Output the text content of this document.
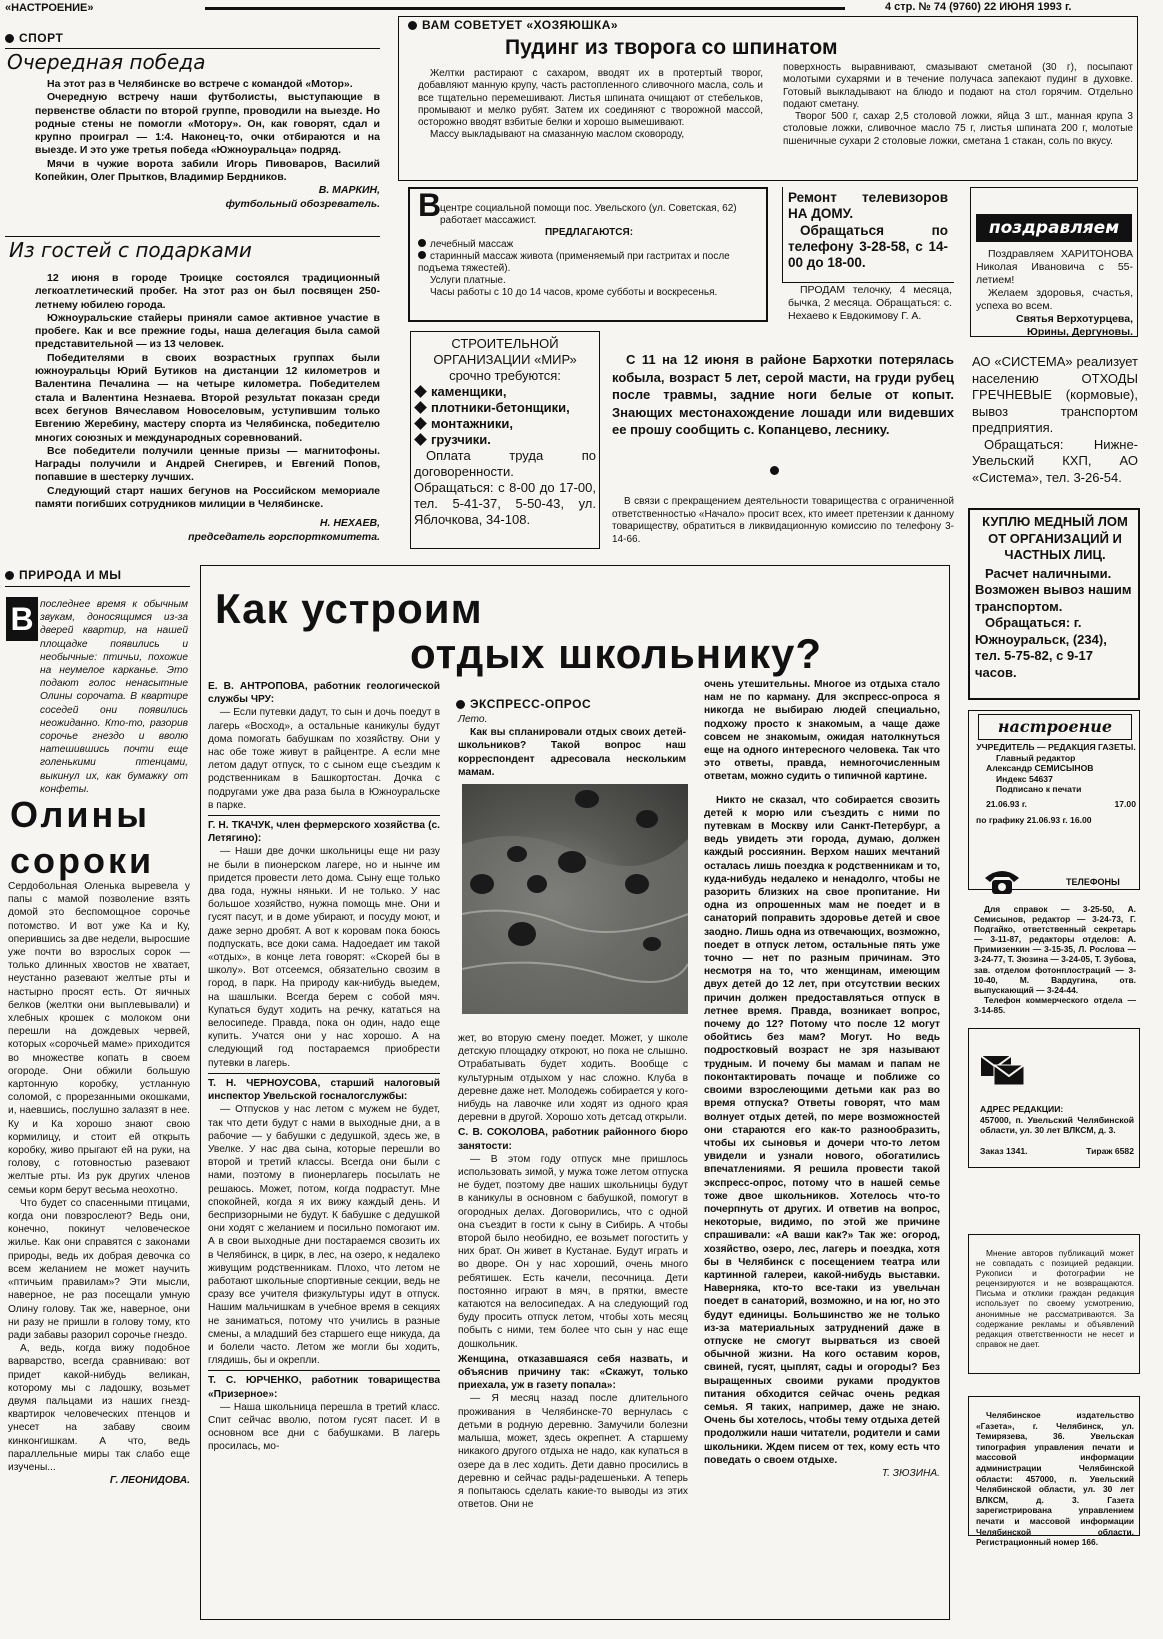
«НАСТРОЕНИЕ»	4 стр. № 74 (9760) 22 ИЮНЯ 1993 г.
СПОРТ
Очередная победа

На этот раз в Челябинске во встрече с командой «Мотор».

Очередную встречу наши футболисты, выступающие в первенстве области по второй группе, проводили на выезде. Но родные стены не помогли «Мотору». Он, как говорят, сдал и крупно проиграл — 1:4. Наконец-то, очки отбираются и на выезде. И это уже третья победа «Южноуральца» подряд.

Мячи в чужие ворота забили Игорь Пивоваров, Василий Копейкин, Олег Прытков, Владимир Бердников.

В. МАРКИН,
футбольный обозреватель.
Из гостей с подарками

12 июня в городе Троицке состоялся традиционный легкоатлетический пробег. На этот раз он был посвящен 250-летнему юбилею города.

Южноуральские стайеры приняли самое активное участие в пробеге. Как и все прежние годы, наша делегация была самой представительной — из 13 человек.

Победителями в своих возрастных группах были южноуральцы Юрий Бутиков на дистанции 12 километров и Валентина Печалина — на четыре километра. Победителем стала и Валентина Незнаева. Второй результат показан среди всех бегунов Вячеславом Новоселовым, уступившим только Евгению Жеребину, мастеру спорта из Челябинска, победителю многих союзных и международных соревнований.

Все победители получили ценные призы — магнитофоны. Награды получили и Андрей Снегирев, и Евгений Попов, попавшие в шестерку лучших.

Следующий старт наших бегунов на Российском мемориале памяти погибших сотрудников милиции в Челябинске.

Н. НЕХАЕВ,
председатель горспорткомитета.
ВАМ СОВЕТУЕТ «ХОЗЯЮШКА»
Пудинг из творога со шпинатом

Желтки растирают с сахаром, вводят их в протертый творог, добавляют манную крупу, часть растопленного сливочного масла, соль и все тщательно перемешивают. Листья шпината очищают от стебельков, промывают и мелко рубят. Затем их соединяют с творожной массой, осторожно вводят взбитые белки и хорошо вымешивают.

Массу выкладывают на смазанную маслом сковороду,

поверхность выравнивают, смазывают сметаной (30 г), посыпают молотыми сухарями и в течение получаса запекают пудинг в духовке. Готовый выкладывают на блюдо и подают на стол горячим. Отдельно подают сметану.

Творог 500 г, сахар 2,5 столовой ложки, яйца 3 шт., манная крупа 3 столовые ложки, сливочное масло 75 г, листья шпината 200 г, молотые пшеничные сухари 2 столовые ложки, сметана 1 стакан, соль по вкусу.

В
центре социальной помощи пос. Увельского (ул. Советская, 62) работает массажист.
ПРЕДЛАГАЮТСЯ:
лечебный массаж
старинный массаж живота (применяемый при гастритах и после подъема тяжестей).
Услуги платные.
Часы работы с 10 до 14 часов, кроме субботы и воскресенья.
Ремонт телевизоров НА ДОМУ.
Обращаться по телефону 3-28-58, с 14-00 до 18-00.

ПРОДАМ телочку, 4 месяца, бычка, 2 месяца. Обращаться: с. Нехаево к Евдокимову Г. А.

поздравляем

Поздравляем ХАРИТОНОВА Николая Ивановича с 55-летием!

Желаем здоровья, счастья, успеха во всем.

Святья Верхотурцева, Юрины, Дергуновы.
СТРОИТЕЛЬНОЙ ОРГАНИЗАЦИИ «МИР» срочно требуются:
каменщики,
плотники-бетонщики,
монтажники,
грузчики.
Оплата труда по договоренности. Обращаться: с 8-00 до 17-00, тел. 5-41-37, 5-50-43, ул. Яблочкова, 34-108.
С 11 на 12 июня в районе Бархотки потерялась кобыла, возраст 5 лет, серой масти, на груди рубец после травмы, задние ноги белые от копыт. Знающих местонахождение лошади или видевших ее прошу сообщить с. Копанцево, леснику.

В связи с прекращением деятельности товарищества с ограниченной ответственностью «Начало» просит всех, кто имеет претензии к данному товариществу, обратиться в ликвидационную комиссию по телефону 3-14-66.

АО «СИСТЕМА» реализует населению ОТХОДЫ ГРЕЧНЕВЫЕ (кормовые), вывоз транспортом предприятия.
Обращаться: Нижне-Увельский КХП, АО «Система», тел. 3-26-54.
КУПЛЮ МЕДНЫЙ ЛОМ ОТ ОРГАНИЗАЦИЙ И ЧАСТНЫХ ЛИЦ.
Расчет наличными. Возможен вывоз нашим транспортом.
Обращаться: г. Южноуральск, (234), тел. 5-75-82, с 9-17 часов.
ПРИРОДА И МЫ
В последнее время к обычным звукам, доносящимся из-за дверей квартир, на нашей площадке появились и необычные: птичьи, похожие на неумелое карканье. Это подают голос ненасытные Олины сорочата. В квартире соседей они появились неожиданно. Кто-то, разорив сорочье гнездо и вволю натешившись почти еще голенькими птенцами, выкинул их, как бумажку от конфеты.
Олины сороки

Сердобольная Оленька выревела у папы с мамой позволение взять домой это беспомощное сорочье потомство. И вот уже Ка и Ку, оперившись за две недели, выросшие уже почти во взрослых сорок — только длинных хвостов не хватает, неустанно разевают желтые рты и настырно просят есть. От яичных белков (желтки они выплевывали) и хлебных крошек с молоком они перешли на дождевых червей, которых «сорочьей маме» приходится во множестве копать в своем огороде. Они обжили большую картонную коробку, устланную соломой, с прорезанными окошками, и, наевшись, послушно залазят в нее. Ку и Ка хорошо знают свою кормилицу, и стоит ей открыть коробку, живо прыгают ей на руки, на голову, с готовностью разевают желтые рты. Из рук других членов семьи корм берут весьма неохотно.

Что будет со спасенными птицами, когда они повзрослеют? Ведь они, конечно, покинут человеческое жилье. Как они справятся с законами природы, ведь их добрая девочка со всем желанием не может научить «птичьим правилам»? Эти мысли, наверное, не раз посещали умную Олину голову. Так же, наверное, они ни разу не пришли в голову тому, кто ради забавы разорил сорочье гнездо.

А, ведь, когда вижу подобное варварство, всегда сравниваю: вот придет какой-нибудь великан, которому мы с ладошку, возьмет двумя пальцами из наших гнезд-квартирок человеческих птенцов и унесет на забаву своим кинконгишкам. А что, ведь параллельные миры так слабо еще изучены...

Г. ЛЕОНИДОВА.
Как устроим
отдых школьнику?
Е. В. АНТРОПОВА, работник геологической службы ЧРУ:

— Если путевки дадут, то сын и дочь поедут в лагерь «Восход», а остальные каникулы будут дома помогать бабушкам по хозяйству. Они у нас обе тоже живут в райцентре. А если мне летом дадут отпуск, то с сыном еще съездим к родственникам в Башкортостан. Дочка с подругами уже два раза была в Южноуральске в парке.

Г. Н. ТКАЧУК, член фермерского хозяйства (с. Летягино):

— Наши две дочки школьницы еще ни разу не были в пионерском лагере, но и нынче им придется провести лето дома. Сыну еще только два года, нужны няньки. И не только. У нас большое хозяйство, нужна помощь мне. Они и гусят пасут, и в доме убирают, и посуду моют, и даже зерно дробят. А вот к коровам пока боюсь подпускать, все доки сама. Надоедает им такой «отдых», в конце лета говорят: «Скорей бы в школу». Вот отсеемся, обязательно свозим в город, в парк. На природу как-нибудь выедем, на шашлыки. Всегда берем с собой мяч. Купаться будут ходить на речку, кататься на велосипеде. Правда, пока он один, надо еще купить. Учатся они у нас хорошо. А на следующий год постараемся приобрести путевки в лагерь.

Т. Н. ЧЕРНОУСОВА, старший налоговый инспектор Увельской госналогслужбы:

— Отпусков у нас летом с мужем не будет, так что дети будут с нами в выходные дни, а в рабочие — у бабушки с дедушкой, здесь же, в Увелке. У нас два сына, которые перешли во второй и третий классы. Всегда они были с нами, поэтому в пионерлагерь посылать не решаюсь. Может, потом, когда подрастут. Мне спокойней, когда я их вижу каждый день. И беспризорными не будут. К бабушке с дедушкой они ходят с желанием и посильно помогают им. А в свои выходные дни постараемся свозить их в Челябинск, в цирк, в лес, на озеро, к недалеко живущим родственникам. Плохо, что летом не работают школьные спортивные секции, ведь не сразу все учителя физкультуры идут в отпуск. Нашим мальчишкам в учебное время в секциях не заниматься, потому что учились в разные смены, а младший без старшего еще никуда, да и болели часто. Летом же могли бы ходить, глядишь, бы и окрепли.

Т. С. ЮРЧЕНКО, работник товарищества «Призерное»:

— Наша школьница перешла в третий класс. Спит сейчас вволю, потом гусят пасет. И в основном все дни с бабушками. В лагерь просилась, мо-

ЭКСПРЕСС-ОПРОС
Лето.

Как вы спланировали отдых своих детей-школьников? Такой вопрос наш корреспондент адресовала нескольким мамам.

жет, во вторую смену поедет. Может, у школе детскую площадку откроют, но пока не слышно. Отрабатывать будет ходить. Вообще с культурным отдыхом у нас сложно. Клуба в деревне даже нет. Молодежь собирается у кого-нибудь на лавочке или ходят из одного края деревни в другой. Хорошо хоть детсад открыли.

С. В. СОКОЛОВА, работник районного бюро занятости:

— В этом году отпуск мне пришлось использовать зимой, у мужа тоже летом отпуска не будет, поэтому две наших школьницы будут в каникулы в основном с бабушкой, помогут в огородных делах. Договорились, что с одной она съездит в гости к сыну в Сибирь. А чтобы второй было необидно, ее возьмет погостить у них брат. Он живет в Кустанае. Будут играть и во дворе. Он у нас хороший, очень много ребятишек. Есть качели, песочница. Дети постоянно играют в мяч, в прятки, вместе катаются на велосипедах. А на следующий год буду просить отпуск летом, чтобы хоть месяц побыть с ними, тем более что сын у нас еще дошкольник.

Женщина, отказавшаяся себя назвать, и объяснив причину так: «Скажут, только приехала, уж в газету попала»:

— Я месяц назад после длительного проживания в Челябинске-70 вернулась с детьми в родную деревню. Замучили болезни малыша, может, здесь окрепнет. А старшему никакого другого отдыха не надо, как купаться в озере да в лес ходить. Дети давно просились в деревню и сейчас рады-радешеньки. А теперь я попытаюсь сделать какие-то выводы из этих ответов. Они не

очень утешительны. Многое из отдыха стало нам не по карману. Для экспресс-опроса я никогда не выбираю людей специально, подхожу просто к знакомым, а чаще даже совсем не знакомым, ожидая натолкнуться еще на одного интересного человека. Так что это ответы, правда, немногочисленным ответам, можно судить о типичной картине.

Никто не сказал, что собирается свозить детей к морю или съездить с ними по путевкам в Москву или Санкт-Петербург, а ведь увидеть эти города, думаю, должен каждый россиянин. Верхом наших мечтаний осталась лишь поездка к родственникам и то, куда-нибудь недалеко и ненадолго, чтобы не разорить близких на свое пропитание. Ни одна из опрошенных мам не поедет и в санаторий поправить здоровье детей и свое заодно. Лишь одна из отвечающих, возможно, поедет в отпуск летом, остальные пять уже точно — нет по разным причинам. Это несмотря на то, что женщинам, имеющим двух детей до 12 лет, при отсутствии веских причин должен предоставляться отпуск в летнее время. Правда, возникает вопрос, почему до 12? Потому что после 12 могут обойтись без мам? Могут. Но ведь подростковый возраст не зря называют трудным. И почему бы мамам и папам не поконтактировать почаще и поближе со своими взрослеющими детьми как раз во время отпуска? Ответы говорят, что мам волнует отдых детей, по мере возможностей они стараются его как-то разнообразить, чтобы их сыновья и дочери что-то летом увидели и узнали нового, обогатились впечатлениями. Я решила провести такой экспресс-опрос, потому что в нашей семье тоже двое школьников. Хотелось что-то почерпнуть от других. И ответив на вопрос, некоторые, видимо, по этой же причине спрашивали: «А ваши как?» Так же: огород, хозяйство, озеро, лес, лагерь и поездка, хотя бы в Челябинск с посещением театра или картинной галереи, какой-нибудь выставки. Наверняка, кто-то все-таки из увельчан поедет в санаторий, возможно, и на юг, но это будут единицы. Большинство же не только из-за материальных затруднений даже в отпуске не смогут вырваться из своей обычной жизни. На кого оставим коров, свиней, гусят, цыплят, сады и огороды? Без выращенных своими руками продуктов питания обходится сейчас очень редкая семья. Я таких, например, даже не знаю. Очень бы хотелось, чтобы тему отдыха детей продолжили наши читатели, родители и сами школьники. Ждем писем от тех, кому есть что поведать о своем отдыхе.

Т. ЗЮЗИНА.
настроение
УЧРЕДИТЕЛЬ — РЕДАКЦИЯ ГАЗЕТЫ.
Главный редактор
Александр СЕМИСЫНОВ
Индекс 54637
Подписано к печати
21.06.93 г.	17.00
по графику 21.06.93 г. 16.00
ТЕЛЕФОНЫ
Для справок — 3-25-50, А. Семисынов, редактор — 3-24-73, Г. Подгайко, ответственный секретарь — 3-11-87, редакторы отделов: А. Примизенкин — 3-15-35, Л. Рослова — 3-24-77, Т. Зюзина — 3-24-05, Т. Зубова, зав. отделом фотонплостраций — 3-10-40, М. Вардугина, отв. выпускающий — 3-24-44.
Телефон коммерческого отдела — 3-14-85.
АДРЕС РЕДАКЦИИ:
457000, п. Увельский Челябинской области, ул. 30 лет ВЛКСМ, д. 3.
Заказ 1341.	Тираж 6582
Мнение авторов публикаций может не совпадать с позицией редакции. Рукописи и фотографии не рецензируются и не возвращаются. Письма и отклики граждан редакция использует по своему усмотрению, анонимные не рассматриваются. За содержание рекламы и объявлений редакция ответственности не несет и справок не дает.
Челябинское издательство «Газета», г. Челябинск, ул. Темирязева, 36. Увельская типография управления печати и массовой информации администрации Челябинской области: 457000, п. Увельский Челябинской области, ул. 30 лет ВЛКСМ, д. 3. Газета зарегистрирована управлением печати и массовой информации Челябинской области. Регистрационный номер 166.
